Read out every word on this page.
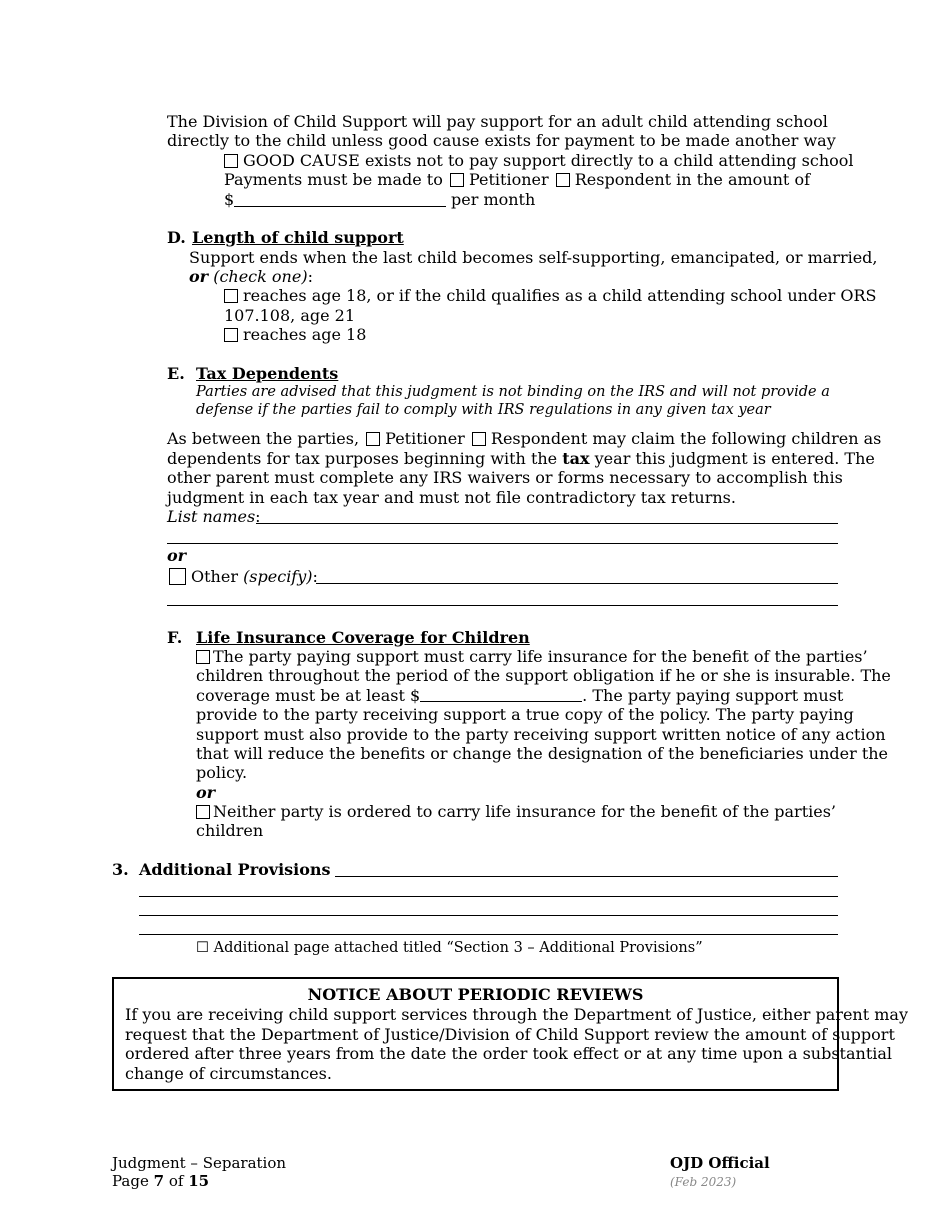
The Division of Child Support will pay support for an adult child attending school
directly to the child unless good cause exists for payment to be made another way
GOOD CAUSE exists not to pay support directly to a child attending school
Payments must be made to Petitioner Respondent in the amount of
$	per month
D. Length of child support
Support ends when the last child becomes self-supporting, emancipated, or married,
or (check one):
reaches age 18, or if the child qualifies as a child attending school under ORS
107.108, age 21
reaches age 18
E. Tax Dependents
Parties are advised that this judgment is not binding on the IRS and will not provide a
defense if the parties fail to comply with IRS regulations in any given tax year
As between the parties, Petitioner Respondent may claim the following children as
dependents for tax purposes beginning with the tax year this judgment is entered. The
other parent must complete any IRS waivers or forms necessary to accomplish this
judgment in each tax year and must not file contradictory tax returns.
List names:
or
Other (specify):
F. Life Insurance Coverage for Children
The party paying support must carry life insurance for the benefit of the parties’
children throughout the period of the support obligation if he or she is insurable. The
coverage must be at least $	. The party paying support must
provide to the party receiving support a true copy of the policy. The party paying
support must also provide to the party receiving support written notice of any action
that will reduce the benefits or change the designation of the beneficiaries under the
policy.
or
Neither party is ordered to carry life insurance for the benefit of the parties’
children
3. Additional Provisions
☐ Additional page attached titled “Section 3 – Additional Provisions”
NOTICE ABOUT PERIODIC REVIEWS
If you are receiving child support services through the Department of Justice, either parent may
request that the Department of Justice/Division of Child Support review the amount of support
ordered after three years from the date the order took effect or at any time upon a substantial
change of circumstances.
Judgment – Separation
Page 7 of 15
OJD Official
(Feb 2023)
